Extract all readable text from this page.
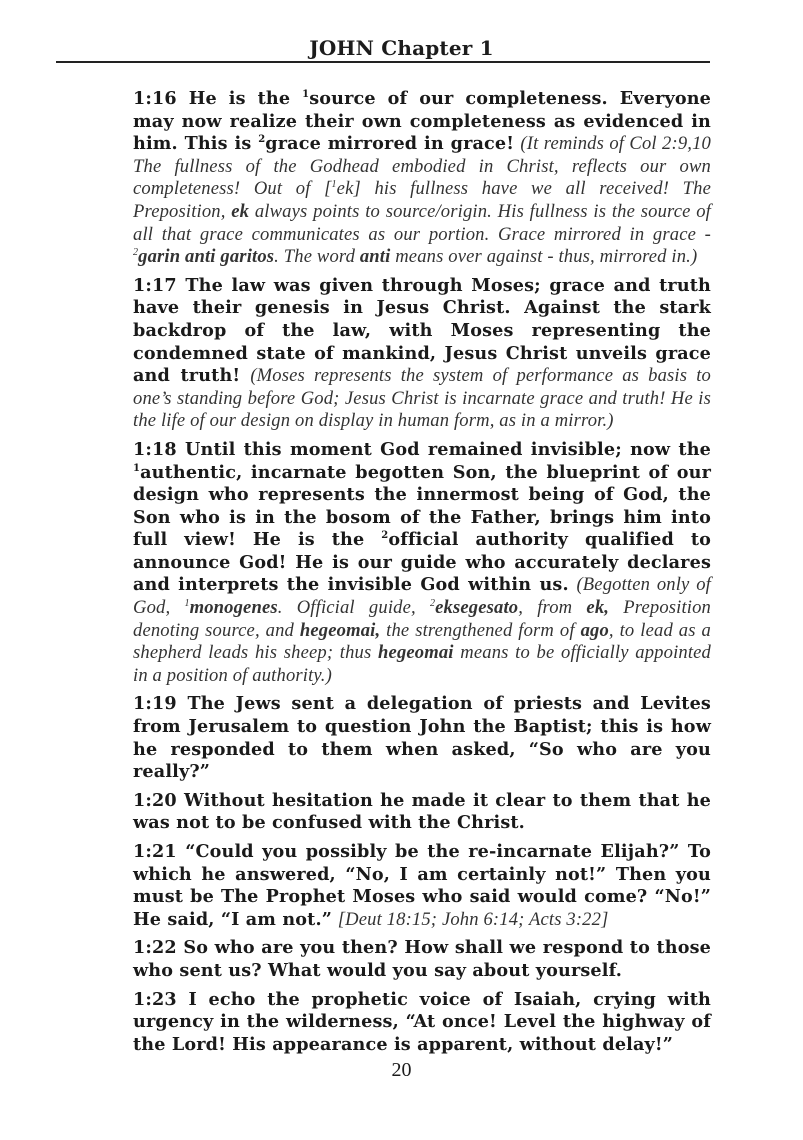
JOHN Chapter 1

1:16 He is the $^1$source of our completeness. Everyone may now realize their own completeness as evidenced in him. This is $^2$grace mirrored in grace! (It reminds of Col 2:9,10 The fullness of the Godhead embodied in Christ, reflects our own completeness! Out of [$^1$ek] his fullness have we all received! The Preposition, ek always points to source/origin. His fullness is the source of all that grace communicates as our portion. Grace mirrored in grace - $^2$garin anti garitos. The word anti means over against - thus, mirrored in.)

1:17 The law was given through Moses; grace and truth have their genesis in Jesus Christ. Against the stark backdrop of the law, with Moses representing the condemned state of mankind, Jesus Christ unveils grace and truth! (Moses represents the system of performance as basis to one’s standing before God; Jesus Christ is incarnate grace and truth! He is the life of our design on display in human form, as in a mirror.)

1:18 Until this moment God remained invisible; now the $^1$authentic, incarnate begotten Son, the blueprint of our design who represents the innermost being of God, the Son who is in the bosom of the Father, brings him into full view! He is the $^2$official authority qualified to announce God! He is our guide who accurately declares and interprets the invisible God within us. (Begotten only of God, $^1$monogenes. Official guide, $^2$eksegesato, from ek, Preposition denoting source, and hegeomai, the strengthened form of ago, to lead as a shepherd leads his sheep; thus hegeomai means to be officially appointed in a position of authority.)

1:19 The Jews sent a delegation of priests and Levites from Jerusalem to question John the Baptist; this is how he responded to them when asked, “So who are you really?”

1:20 Without hesitation he made it clear to them that he was not to be confused with the Christ.

1:21 “Could you possibly be the re-incarnate Elijah?” To which he answered, “No, I am certainly not!” Then you must be The Prophet Moses who said would come? “No!” He said, “I am not.” [Deut 18:15; John 6:14; Acts 3:22]

1:22 So who are you then? How shall we respond to those who sent us? What would you say about yourself.

1:23 I echo the prophetic voice of Isaiah, crying with urgency in the wilderness, “At once! Level the highway of the Lord! His appearance is apparent, without delay!”

20
